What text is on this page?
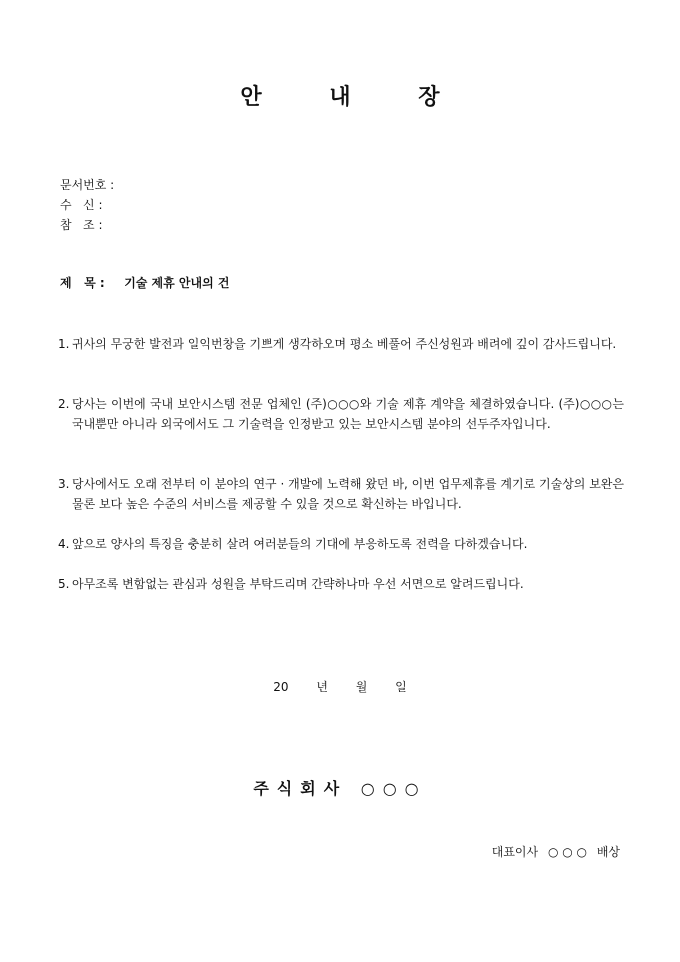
안	내	장
문서번호 :
수   신 :
참   조 :
제   목 : 기술 제휴 안내의 건
1. 귀사의 무궁한 발전과 일익번창을 기쁘게 생각하오며 평소 베풀어 주신성원과 배려에 깊이 감사드립니다.
2. 당사는 이번에 국내 보안시스템 전문 업체인 (주)○○○와 기술 제휴 계약을 체결하였습니다. (주)○○○는 국내뿐만 아니라 외국에서도 그 기술력을 인정받고 있는 보안시스템 분야의 선두주자입니다.
3. 당사에서도 오래 전부터 이 분야의 연구 · 개발에 노력해 왔던 바, 이번 업무제휴를 계기로 기술상의 보완은 물론 보다 높은 수준의 서비스를 제공할 수 있을 것으로 확신하는 바입니다.
4. 앞으로 양사의 특징을 충분히 살려 여러분들의 기대에 부응하도록 전력을 다하겠습니다.
5. 아무조록 변함없는 관심과 성원을 부탁드리며 간략하나마 우선 서면으로 알려드립니다.
20 년 월 일
주식회사 ○○○
대표이사 ○ ○ ○ 배상
